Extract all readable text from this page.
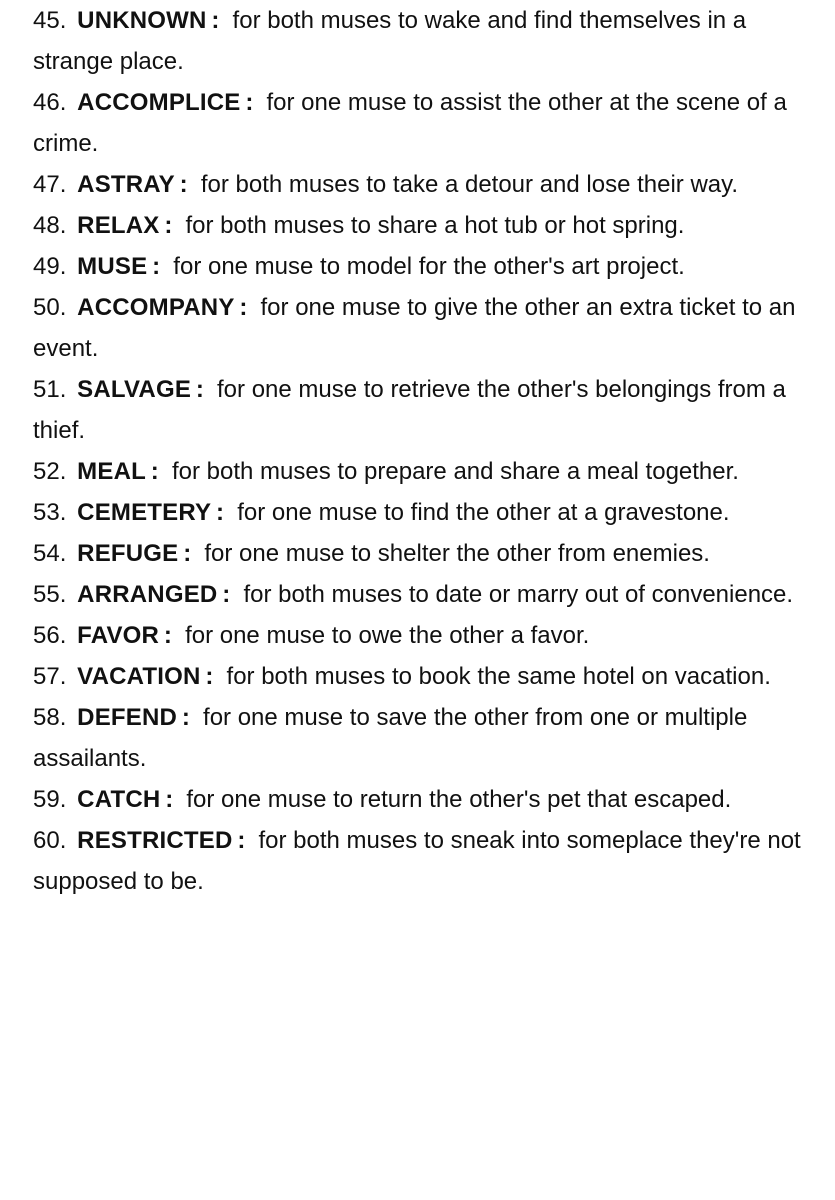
45. UNKNOWN : for both muses to wake and find themselves in a strange place.
46. ACCOMPLICE : for one muse to assist the other at the scene of a crime.
47. ASTRAY : for both muses to take a detour and lose their way.
48. RELAX : for both muses to share a hot tub or hot spring.
49. MUSE : for one muse to model for the other's art project.
50. ACCOMPANY : for one muse to give the other an extra ticket to an event.
51. SALVAGE : for one muse to retrieve the other's belongings from a thief.
52. MEAL : for both muses to prepare and share a meal together.
53. CEMETERY : for one muse to find the other at a gravestone.
54. REFUGE : for one muse to shelter the other from enemies.
55. ARRANGED : for both muses to date or marry out of convenience.
56. FAVOR : for one muse to owe the other a favor.
57. VACATION : for both muses to book the same hotel on vacation.
58. DEFEND : for one muse to save the other from one or multiple assailants.
59. CATCH : for one muse to return the other's pet that escaped.
60. RESTRICTED : for both muses to sneak into someplace they're not supposed to be.
